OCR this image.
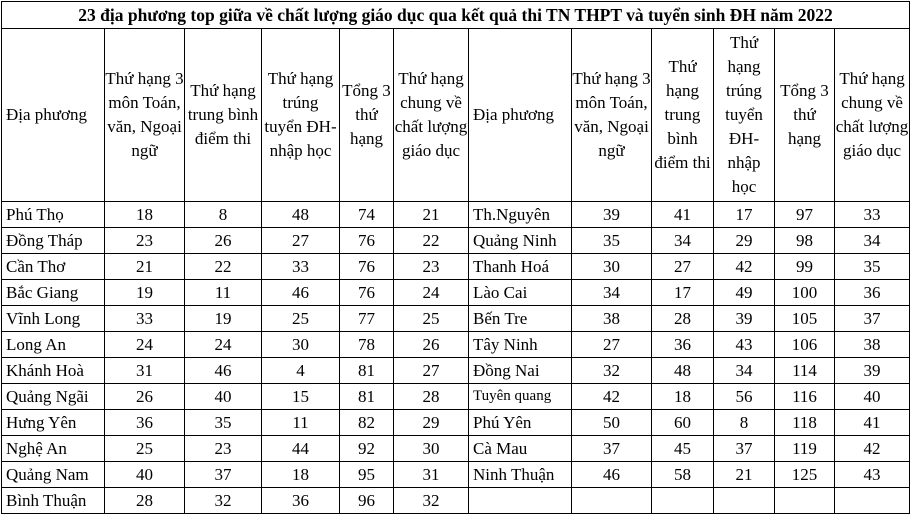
23 địa phương top giữa về chất lượng giáo dục qua kết quả thi TN THPT và tuyển sinh ĐH năm 2022											
Địa phương	Thứ hạng 3 môn Toán, văn, Ngoại ngữ	Thứ hạng trung bình điểm thi	Thứ hạng trúng tuyển ĐH-nhập học	Tổng 3 thứ hạng	Thứ hạng chung về chất lượng giáo dục	Địa phương	Thứ hạng 3 môn Toán, văn, Ngoại ngữ	Thứ hạng trung bình điểm thi	Thứ hạng trúng tuyển ĐH-nhập học	Tổng 3 thứ hạng	Thứ hạng chung về chất lượng giáo dục
Phú Thọ	18	8	48	74	21	Th.Nguyên	39	41	17	97	33
Đồng Tháp	23	26	27	76	22	Quảng Ninh	35	34	29	98	34
Cần Thơ	21	22	33	76	23	Thanh Hoá	30	27	42	99	35
Bắc Giang	19	11	46	76	24	Lào Cai	34	17	49	100	36
Vĩnh Long	33	19	25	77	25	Bến Tre	38	28	39	105	37
Long An	24	24	30	78	26	Tây Ninh	27	36	43	106	38
Khánh Hoà	31	46	4	81	27	Đồng Nai	32	48	34	114	39
Quảng Ngãi	26	40	15	81	28	Tuyên quang	42	18	56	116	40
Hưng Yên	36	35	11	82	29	Phú Yên	50	60	8	118	41
Nghệ An	25	23	44	92	30	Cà Mau	37	45	37	119	42
Quảng Nam	40	37	18	95	31	Ninh Thuận	46	58	21	125	43
Bình Thuận	28	32	36	96	32						
